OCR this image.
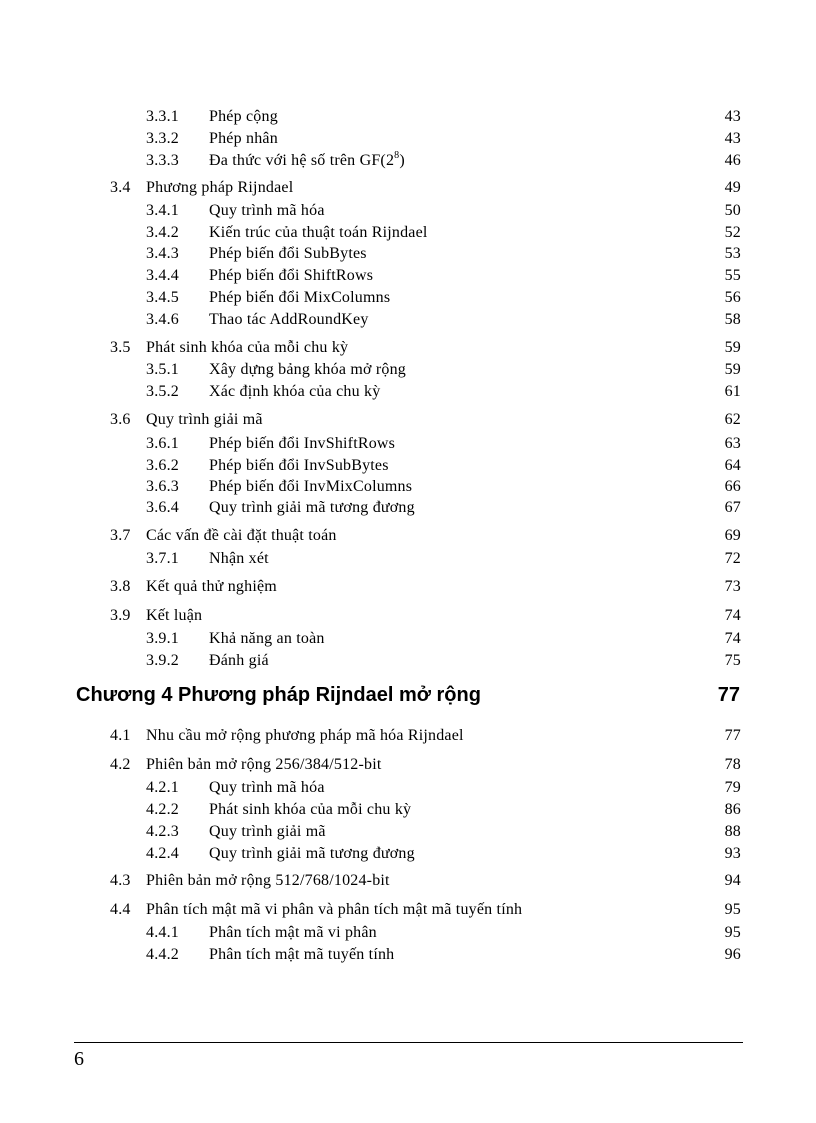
3.3.1 Phép cộng	43
3.3.2 Phép nhân	43
3.3.3 Đa thức với hệ số trên $GF(2^8)$	46
3.4 Phương pháp Rijndael	49
3.4.1 Quy trình mã hóa	50
3.4.2 Kiến trúc của thuật toán Rijndael	52
3.4.3 Phép biến đổi SubBytes	53
3.4.4 Phép biến đổi ShiftRows	55
3.4.5 Phép biến đổi MixColumns	56
3.4.6 Thao tác AddRoundKey	58
3.5 Phát sinh khóa của mỗi chu kỳ	59
3.5.1 Xây dựng bảng khóa mở rộng	59
3.5.2 Xác định khóa của chu kỳ	61
3.6 Quy trình giải mã	62
3.6.1 Phép biến đổi InvShiftRows	63
3.6.2 Phép biến đổi InvSubBytes	64
3.6.3 Phép biến đổi InvMixColumns	66
3.6.4 Quy trình giải mã tương đương	67
3.7 Các vấn đề cài đặt thuật toán	69
3.7.1 Nhận xét	72
3.8 Kết quả thử nghiệm	73
3.9 Kết luận	74
3.9.1 Khả năng an toàn	74
3.9.2 Đánh giá	75
Chương 4 Phương pháp Rijndael mở rộng	77
4.1 Nhu cầu mở rộng phương pháp mã hóa Rijndael	77
4.2 Phiên bản mở rộng 256/384/512-bit	78
4.2.1 Quy trình mã hóa	79
4.2.2 Phát sinh khóa của mỗi chu kỳ	86
4.2.3 Quy trình giải mã	88
4.2.4 Quy trình giải mã tương đương	93
4.3 Phiên bản mở rộng 512/768/1024-bit	94
4.4 Phân tích mật mã vi phân và phân tích mật mã tuyến tính	95
4.4.1 Phân tích mật mã vi phân	95
4.4.2 Phân tích mật mã tuyến tính	96
6
